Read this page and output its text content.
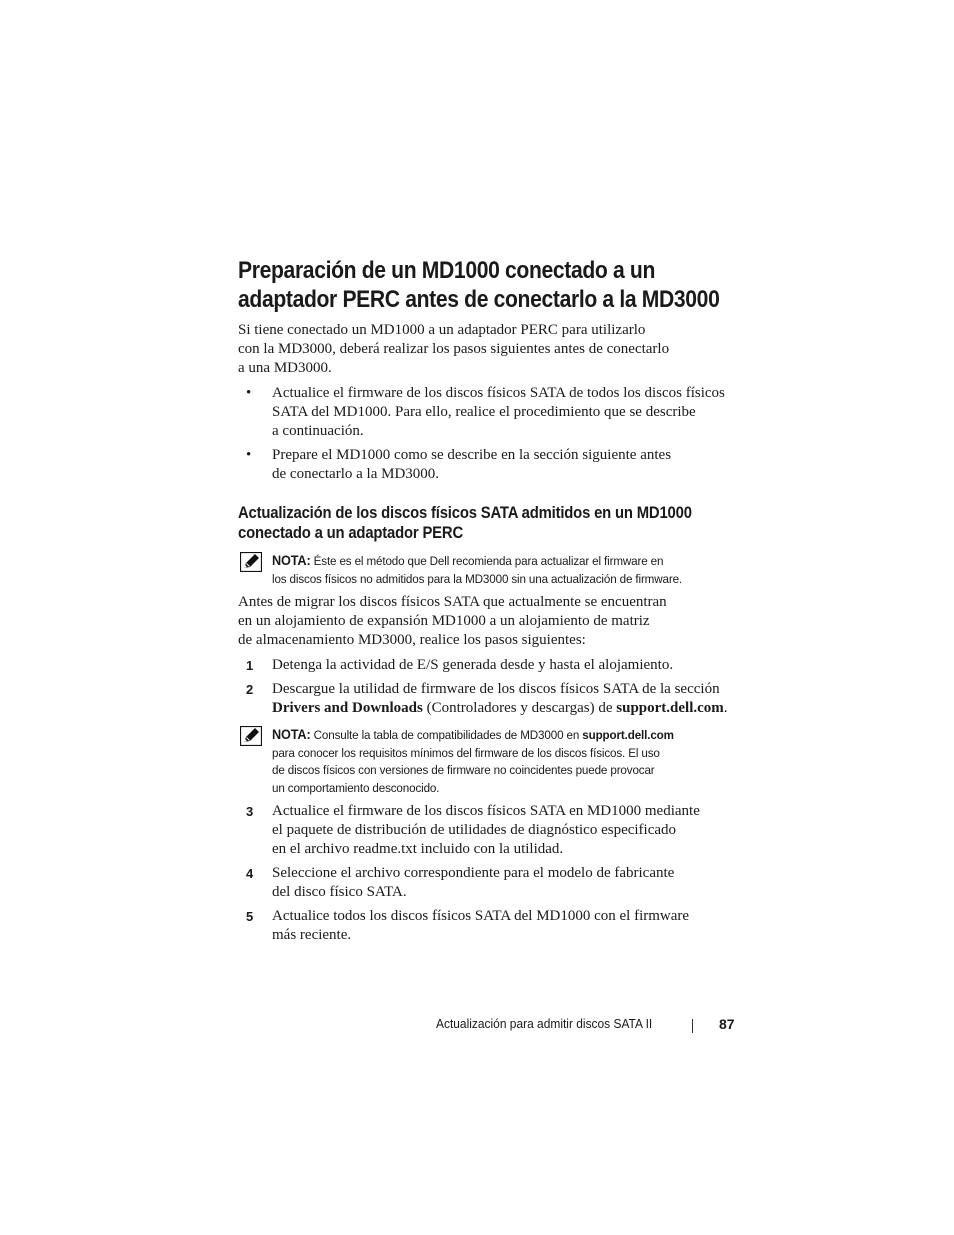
Preparación de un MD1000 conectado a un adaptador PERC antes de conectarlo a la MD3000

Si tiene conectado un MD1000 a un adaptador PERC para utilizarlo
con la MD3000, deberá realizar los pasos siguientes antes de conectarlo
a una MD3000.

• Actualice el firmware de los discos físicos SATA de todos los discos físicos
SATA del MD1000. Para ello, realice el procedimiento que se describe
a continuación.

• Prepare el MD1000 como se describe en la sección siguiente antes
de conectarlo a la MD3000.

Actualización de los discos físicos SATA admitidos en un MD1000 conectado a un adaptador PERC

NOTA: Éste es el método que Dell recomienda para actualizar el firmware en
los discos físicos no admitidos para la MD3000 sin una actualización de firmware.

Antes de migrar los discos físicos SATA que actualmente se encuentran
en un alojamiento de expansión MD1000 a un alojamiento de matriz
de almacenamiento MD3000, realice los pasos siguientes:

1 Detenga la actividad de E/S generada desde y hasta el alojamiento.

2 Descargue la utilidad de firmware de los discos físicos SATA de la sección
Drivers and Downloads (Controladores y descargas) de support.dell.com.

NOTA: Consulte la tabla de compatibilidades de MD3000 en support.dell.com
para conocer los requisitos mínimos del firmware de los discos físicos. El uso
de discos físicos con versiones de firmware no coincidentes puede provocar
un comportamiento desconocido.

3 Actualice el firmware de los discos físicos SATA en MD1000 mediante
el paquete de distribución de utilidades de diagnóstico especificado
en el archivo readme.txt incluido con la utilidad.

4 Seleccione el archivo correspondiente para el modelo de fabricante
del disco físico SATA.

5 Actualice todos los discos físicos SATA del MD1000 con el firmware
más reciente.

Actualización para admitir discos SATA II	87
